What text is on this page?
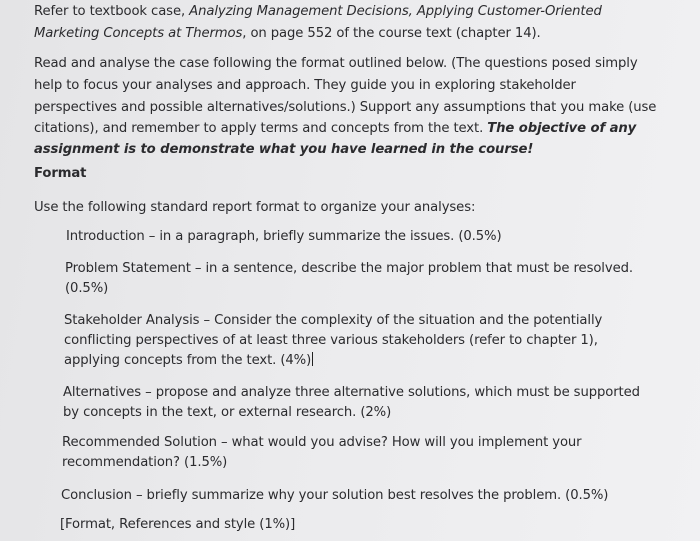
Refer to textbook case, Analyzing Management Decisions, Applying Customer-Oriented
Marketing Concepts at Thermos, on page 552 of the course text (chapter 14).
Read and analyse the case following the format outlined below. (The questions posed simply
help to focus your analyses and approach. They guide you in exploring stakeholder
perspectives and possible alternatives/solutions.) Support any assumptions that you make (use
citations), and remember to apply terms and concepts from the text. The objective of any
assignment is to demonstrate what you have learned in the course!
Format
Use the following standard report format to organize your analyses:
Introduction – in a paragraph, briefly summarize the issues. (0.5%)
Problem Statement – in a sentence, describe the major problem that must be resolved.
(0.5%)
Stakeholder Analysis – Consider the complexity of the situation and the potentially
conflicting perspectives of at least three various stakeholders (refer to chapter 1),
applying concepts from the text. (4%)
Alternatives – propose and analyze three alternative solutions, which must be supported
by concepts in the text, or external research. (2%)
Recommended Solution – what would you advise? How will you implement your
recommendation? (1.5%)
Conclusion – briefly summarize why your solution best resolves the problem. (0.5%)
[Format, References and style (1%)]
